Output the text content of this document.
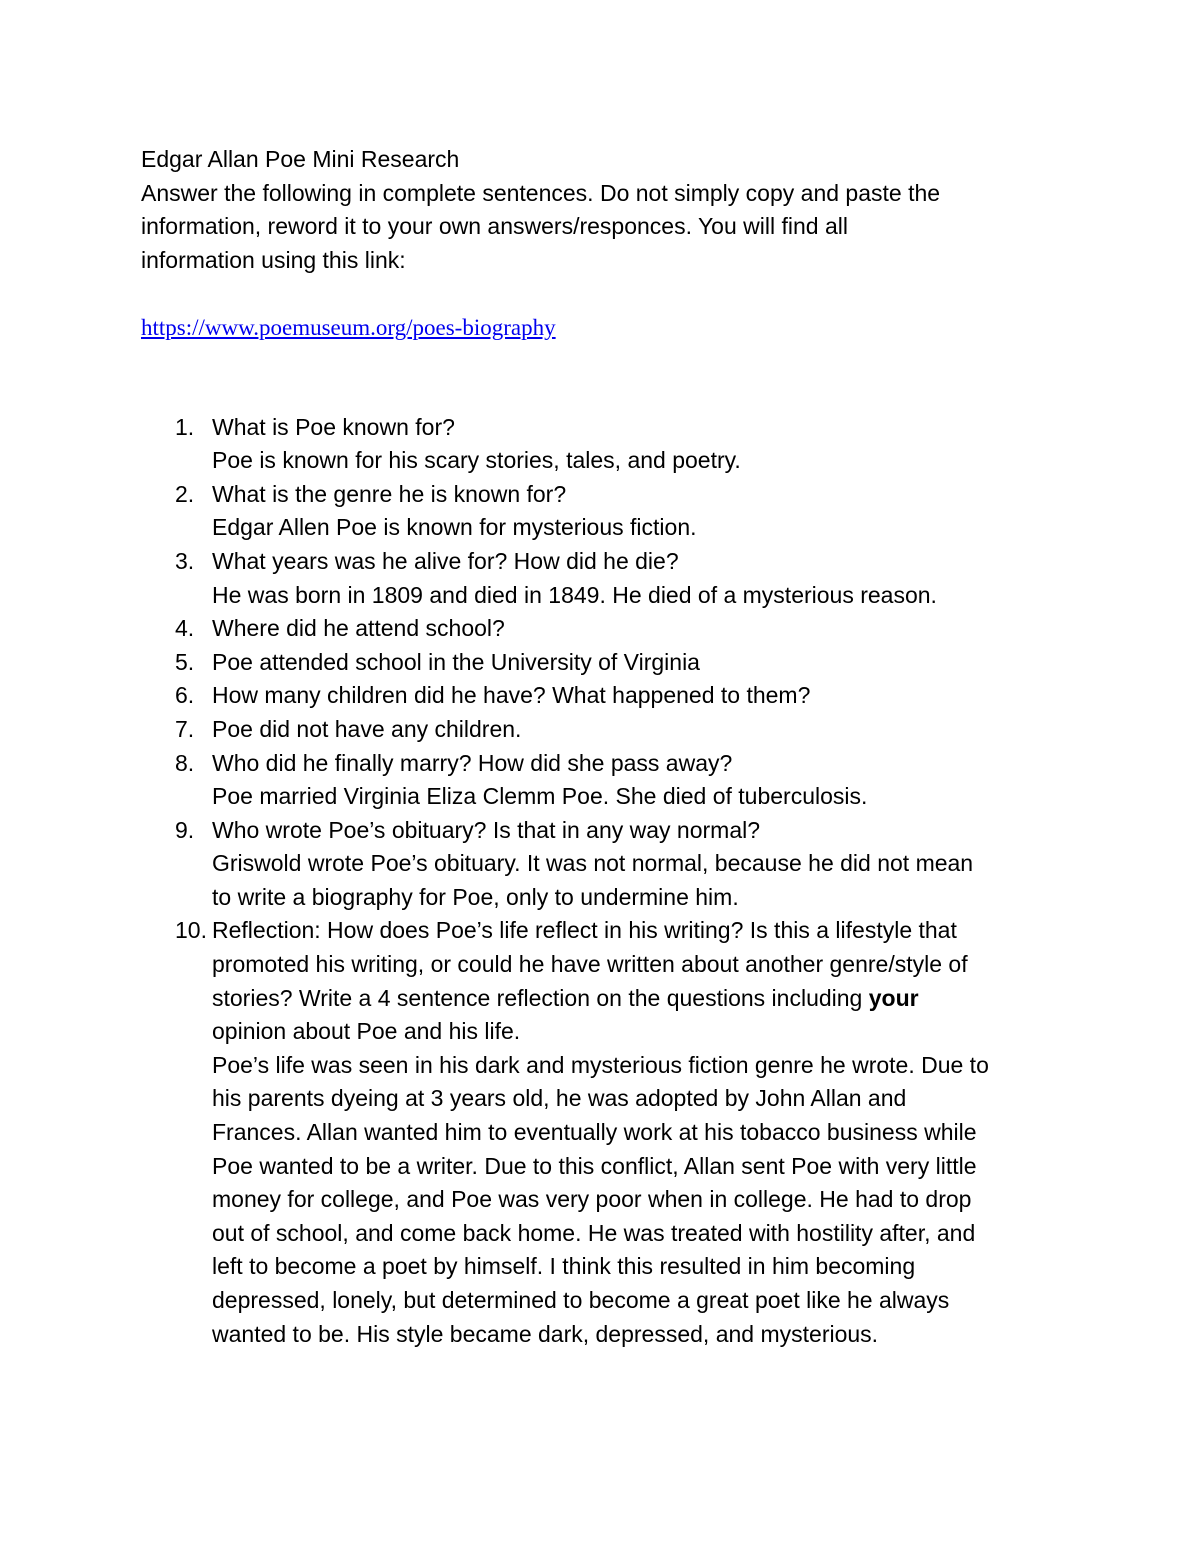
Edgar Allan Poe Mini Research
Answer the following in complete sentences. Do not simply copy and paste the
information, reword it to your own answers/responces. You will find all
information using this link:
https://www.poemuseum.org/poes-biography
1. What is Poe known for?
Poe is known for his scary stories, tales, and poetry.
2. What is the genre he is known for?
Edgar Allen Poe is known for mysterious fiction.
3. What years was he alive for? How did he die?
He was born in 1809 and died in 1849. He died of a mysterious reason.
4. Where did he attend school?
5. Poe attended school in the University of Virginia
6. How many children did he have? What happened to them?
7. Poe did not have any children.
8. Who did he finally marry? How did she pass away?
Poe married Virginia Eliza Clemm Poe. She died of tuberculosis.
9. Who wrote Poe’s obituary? Is that in any way normal?
Griswold wrote Poe’s obituary. It was not normal, because he did not mean
to write a biography for Poe, only to undermine him.
10. Reflection: How does Poe’s life reflect in his writing? Is this a lifestyle that
promoted his writing, or could he have written about another genre/style of
stories? Write a 4 sentence reflection on the questions including your
opinion about Poe and his life.
Poe’s life was seen in his dark and mysterious fiction genre he wrote. Due to
his parents dyeing at 3 years old, he was adopted by John Allan and
Frances. Allan wanted him to eventually work at his tobacco business while
Poe wanted to be a writer. Due to this conflict, Allan sent Poe with very little
money for college, and Poe was very poor when in college. He had to drop
out of school, and come back home. He was treated with hostility after, and
left to become a poet by himself. I think this resulted in him becoming
depressed, lonely, but determined to become a great poet like he always
wanted to be. His style became dark, depressed, and mysterious.
